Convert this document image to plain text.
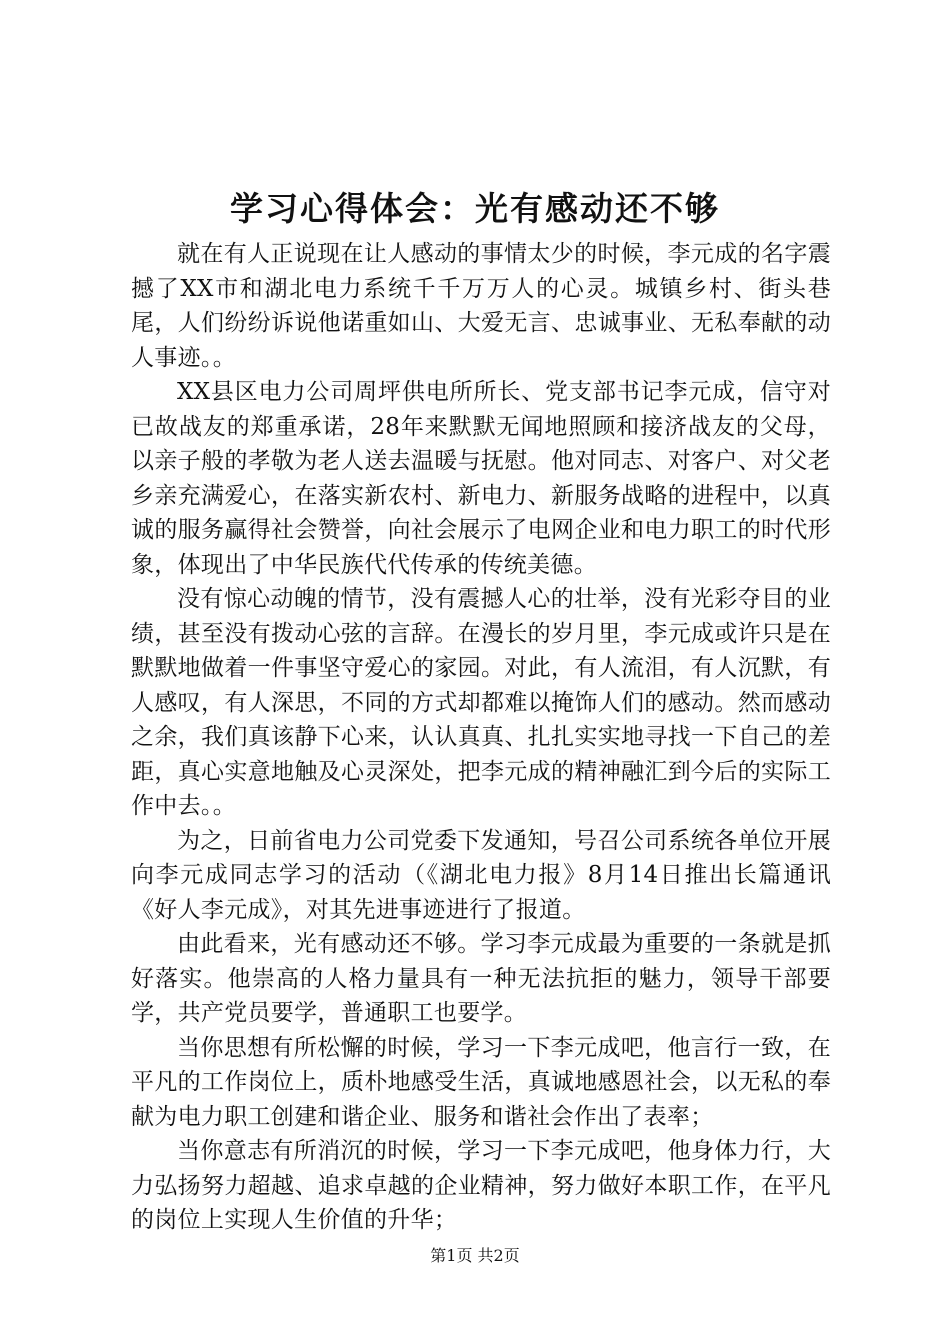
学习心得体会：光有感动还不够

就在有人正说现在让人感动的事情太少的时候，李元成的名字震撼了XX市和湖北电力系统千千万万人的心灵。城镇乡村、街头巷尾，人们纷纷诉说他诺重如山、大爱无言、忠诚事业、无私奉献的动人事迹。。

XX县区电力公司周坪供电所所长、党支部书记李元成，信守对已故战友的郑重承诺，28年来默默无闻地照顾和接济战友的父母，以亲子般的孝敬为老人送去温暖与抚慰。他对同志、对客户、对父老乡亲充满爱心，在落实新农村、新电力、新服务战略的进程中，以真诚的服务赢得社会赞誉，向社会展示了电网企业和电力职工的时代形象，体现出了中华民族代代传承的传统美德。

没有惊心动魄的情节，没有震撼人心的壮举，没有光彩夺目的业绩，甚至没有拨动心弦的言辞。在漫长的岁月里，李元成或许只是在默默地做着一件事坚守爱心的家园。对此，有人流泪，有人沉默，有人感叹，有人深思，不同的方式却都难以掩饰人们的感动。然而感动之余，我们真该静下心来，认认真真、扎扎实实地寻找一下自己的差距，真心实意地触及心灵深处，把李元成的精神融汇到今后的实际工作中去。。

为之，日前省电力公司党委下发通知，号召公司系统各单位开展向李元成同志学习的活动（《湖北电力报》8月14日推出长篇通讯《好人李元成》，对其先进事迹进行了报道。

由此看来，光有感动还不够。学习李元成最为重要的一条就是抓好落实。他崇高的人格力量具有一种无法抗拒的魅力，领导干部要学，共产党员要学，普通职工也要学。

当你思想有所松懈的时候，学习一下李元成吧，他言行一致，在平凡的工作岗位上，质朴地感受生活，真诚地感恩社会，以无私的奉献为电力职工创建和谐企业、服务和谐社会作出了表率；

当你意志有所消沉的时候，学习一下李元成吧，他身体力行，大力弘扬努力超越、追求卓越的企业精神，努力做好本职工作，在平凡的岗位上实现人生价值的升华；

第1页 共2页
